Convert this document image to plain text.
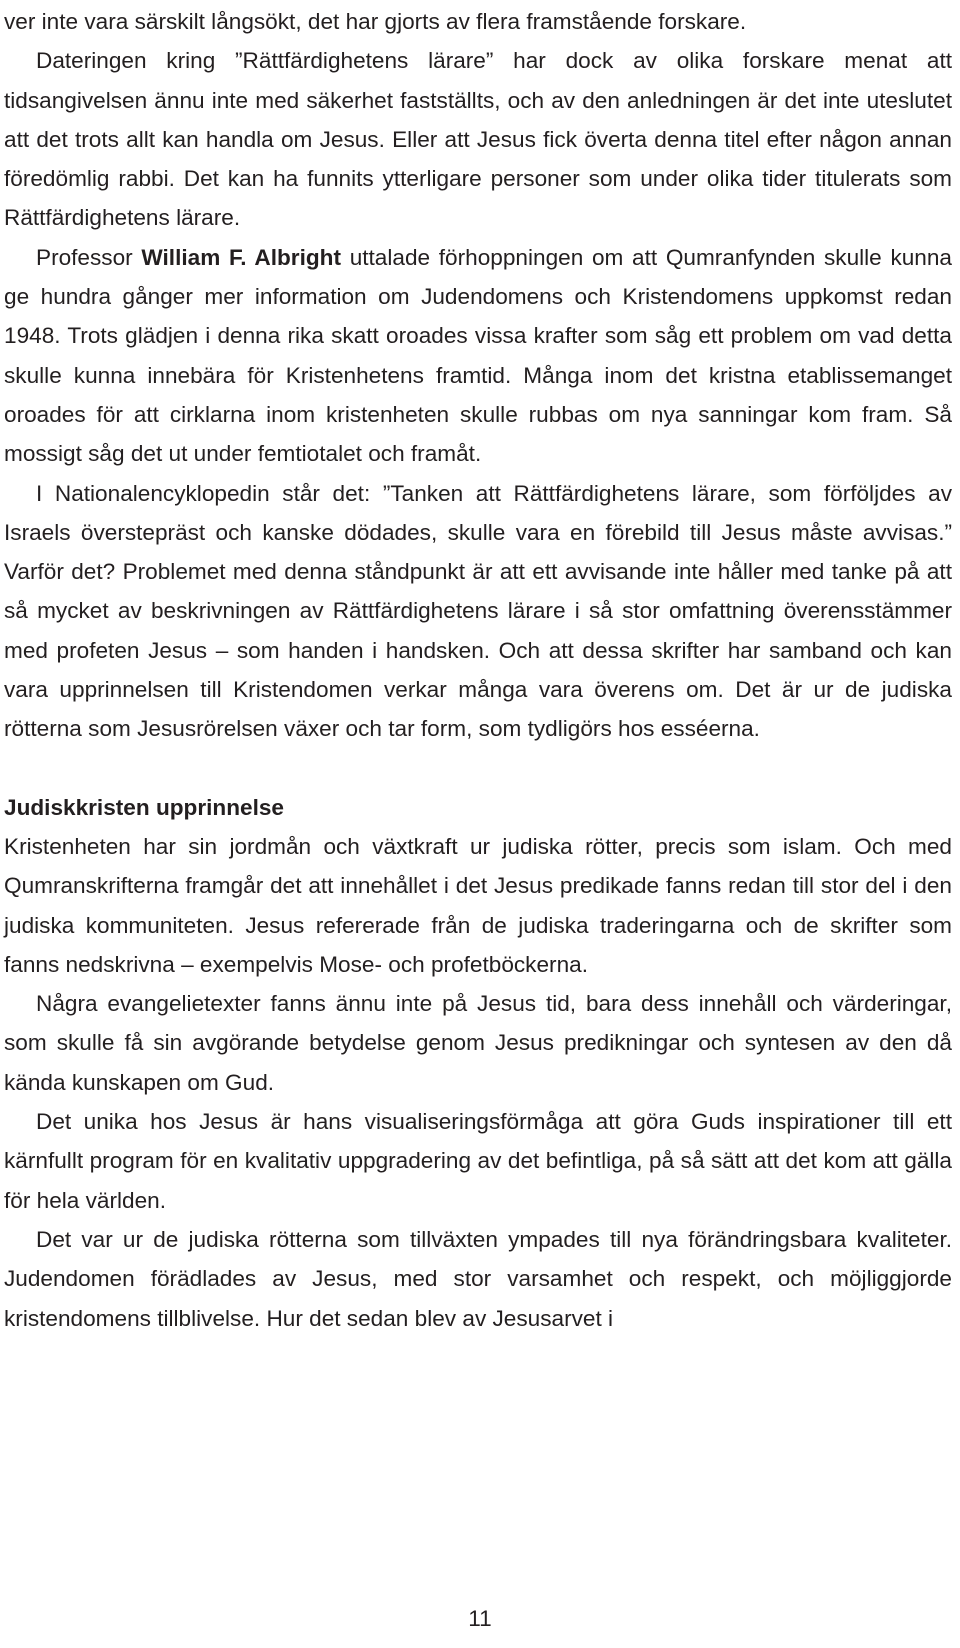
ver inte vara särskilt långsökt, det har gjorts av flera framstående forskare.

Dateringen kring ”Rättfärdighetens lärare” har dock av olika forskare menat att tidsangivelsen ännu inte med säkerhet fastställts, och av den anledningen är det inte uteslutet att det trots allt kan handla om Jesus. Eller att Jesus fick överta denna titel efter någon annan föredömlig rabbi. Det kan ha funnits ytterligare personer som under olika tider titulerats som Rättfärdighetens lärare.

Professor William F. Albright uttalade förhoppningen om att Qumranfynden skulle kunna ge hundra gånger mer information om Judendomens och Kristendomens uppkomst redan 1948. Trots glädjen i denna rika skatt oroades vissa krafter som såg ett problem om vad detta skulle kunna innebära för Kristenhetens framtid. Många inom det kristna etablissemanget oroades för att cirklarna inom kristenheten skulle rubbas om nya sanningar kom fram. Så mossigt såg det ut under femtiotalet och framåt.

I Nationalencyklopedin står det: ”Tanken att Rättfärdighetens lärare, som förföljdes av Israels överstepräst och kanske dödades, skulle vara en förebild till Jesus måste avvisas.” Varför det? Problemet med denna ståndpunkt är att ett avvisande inte håller med tanke på att så mycket av beskrivningen av Rättfärdighetens lärare i så stor omfattning överensstämmer med profeten Jesus – som handen i handsken. Och att dessa skrifter har samband och kan vara upprinnelsen till Kristendomen verkar många vara överens om. Det är ur de judiska rötterna som Jesusrörelsen växer och tar form, som tydligörs hos esséerna.

Judiskkristen upprinnelse

Kristenheten har sin jordmån och växtkraft ur judiska rötter, precis som islam. Och med Qumranskrifterna framgår det att innehållet i det Jesus predikade fanns redan till stor del i den judiska kommuniteten. Jesus refererade från de judiska traderingarna och de skrifter som fanns nedskrivna – exempelvis Mose- och profetböckerna.

Några evangelietexter fanns ännu inte på Jesus tid, bara dess innehåll och värderingar, som skulle få sin avgörande betydelse genom Jesus predikningar och syntesen av den då kända kunskapen om Gud.

Det unika hos Jesus är hans visualiseringsförmåga att göra Guds inspirationer till ett kärnfullt program för en kvalitativ uppgradering av det befintliga, på så sätt att det kom att gälla för hela världen.

Det var ur de judiska rötterna som tillväxten ympades till nya förändringsbara kvaliteter. Judendomen förädlades av Jesus, med stor varsamhet och respekt, och möjliggjorde kristendomens tillblivelse. Hur det sedan blev av Jesusarvet i

11
